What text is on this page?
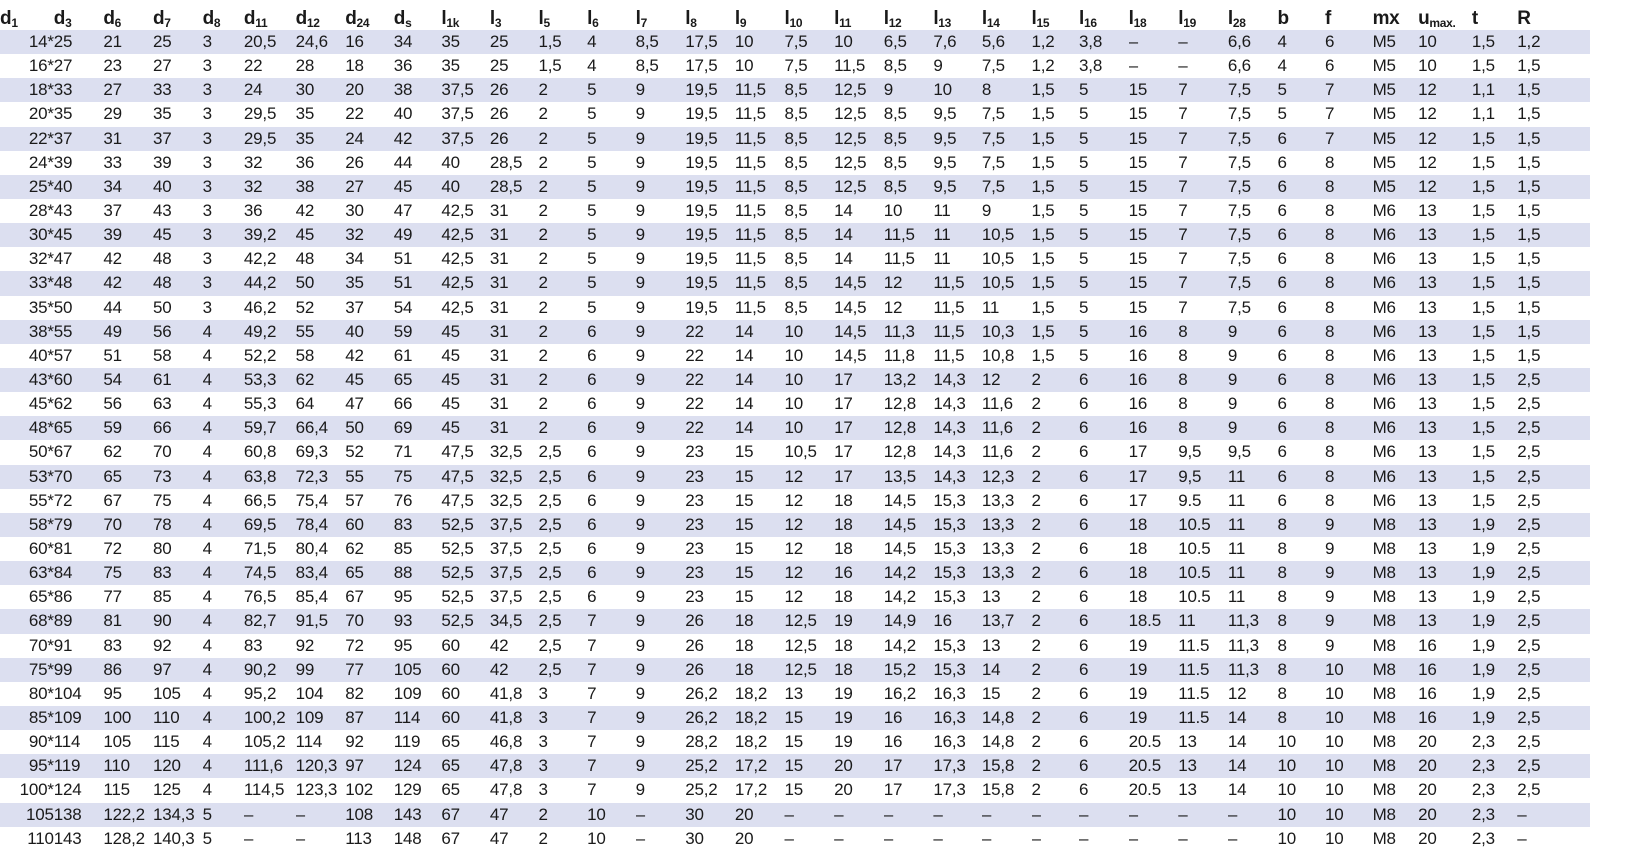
$d_1$	$d_3$	$d_6$	$d_7$	$d_8$	$d_{11}$	$d_{12}$	$d_{24}$	$d_s$	$l_{1k}$	$l_3$	$l_5$	$l_6$	$l_7$	$l_8$	$l_9$	$l_{10}$	$l_{11}$	$l_{12}$	$l_{13}$	$l_{14}$	$l_{15}$	$l_{16}$	$l_{18}$	$l_{19}$	$l_{28}$	b	f	mx	$u_{max.}$	t	R
14*	25	21	25	3	20,5	24,6	16	34	35	25	1,5	4	8,5	17,5	10	7,5	10	6,5	7,6	5,6	1,2	3,8	–	–	6,6	4	6	M5	10	1,5	1,2
16*	27	23	27	3	22	28	18	36	35	25	1,5	4	8,5	17,5	10	7,5	11,5	8,5	9	7,5	1,2	3,8	–	–	6,6	4	6	M5	10	1,5	1,5
18*	33	27	33	3	24	30	20	38	37,5	26	2	5	9	19,5	11,5	8,5	12,5	9	10	8	1,5	5	15	7	7,5	5	7	M5	12	1,1	1,5
20*	35	29	35	3	29,5	35	22	40	37,5	26	2	5	9	19,5	11,5	8,5	12,5	8,5	9,5	7,5	1,5	5	15	7	7,5	5	7	M5	12	1,1	1,5
22*	37	31	37	3	29,5	35	24	42	37,5	26	2	5	9	19,5	11,5	8,5	12,5	8,5	9,5	7,5	1,5	5	15	7	7,5	6	7	M5	12	1,5	1,5
24*	39	33	39	3	32	36	26	44	40	28,5	2	5	9	19,5	11,5	8,5	12,5	8,5	9,5	7,5	1,5	5	15	7	7,5	6	8	M5	12	1,5	1,5
25*	40	34	40	3	32	38	27	45	40	28,5	2	5	9	19,5	11,5	8,5	12,5	8,5	9,5	7,5	1,5	5	15	7	7,5	6	8	M5	12	1,5	1,5
28*	43	37	43	3	36	42	30	47	42,5	31	2	5	9	19,5	11,5	8,5	14	10	11	9	1,5	5	15	7	7,5	6	8	M6	13	1,5	1,5
30*	45	39	45	3	39,2	45	32	49	42,5	31	2	5	9	19,5	11,5	8,5	14	11,5	11	10,5	1,5	5	15	7	7,5	6	8	M6	13	1,5	1,5
32*	47	42	48	3	42,2	48	34	51	42,5	31	2	5	9	19,5	11,5	8,5	14	11,5	11	10,5	1,5	5	15	7	7,5	6	8	M6	13	1,5	1,5
33*	48	42	48	3	44,2	50	35	51	42,5	31	2	5	9	19,5	11,5	8,5	14,5	12	11,5	10,5	1,5	5	15	7	7,5	6	8	M6	13	1,5	1,5
35*	50	44	50	3	46,2	52	37	54	42,5	31	2	5	9	19,5	11,5	8,5	14,5	12	11,5	11	1,5	5	15	7	7,5	6	8	M6	13	1,5	1,5
38*	55	49	56	4	49,2	55	40	59	45	31	2	6	9	22	14	10	14,5	11,3	11,5	10,3	1,5	5	16	8	9	6	8	M6	13	1,5	1,5
40*	57	51	58	4	52,2	58	42	61	45	31	2	6	9	22	14	10	14,5	11,8	11,5	10,8	1,5	5	16	8	9	6	8	M6	13	1,5	1,5
43*	60	54	61	4	53,3	62	45	65	45	31	2	6	9	22	14	10	17	13,2	14,3	12	2	6	16	8	9	6	8	M6	13	1,5	2,5
45*	62	56	63	4	55,3	64	47	66	45	31	2	6	9	22	14	10	17	12,8	14,3	11,6	2	6	16	8	9	6	8	M6	13	1,5	2,5
48*	65	59	66	4	59,7	66,4	50	69	45	31	2	6	9	22	14	10	17	12,8	14,3	11,6	2	6	16	8	9	6	8	M6	13	1,5	2,5
50*	67	62	70	4	60,8	69,3	52	71	47,5	32,5	2,5	6	9	23	15	10,5	17	12,8	14,3	11,6	2	6	17	9,5	9,5	6	8	M6	13	1,5	2,5
53*	70	65	73	4	63,8	72,3	55	75	47,5	32,5	2,5	6	9	23	15	12	17	13,5	14,3	12,3	2	6	17	9,5	11	6	8	M6	13	1,5	2,5
55*	72	67	75	4	66,5	75,4	57	76	47,5	32,5	2,5	6	9	23	15	12	18	14,5	15,3	13,3	2	6	17	9.5	11	6	8	M6	13	1,5	2,5
58*	79	70	78	4	69,5	78,4	60	83	52,5	37,5	2,5	6	9	23	15	12	18	14,5	15,3	13,3	2	6	18	10.5	11	8	9	M8	13	1,9	2,5
60*	81	72	80	4	71,5	80,4	62	85	52,5	37,5	2,5	6	9	23	15	12	18	14,5	15,3	13,3	2	6	18	10.5	11	8	9	M8	13	1,9	2,5
63*	84	75	83	4	74,5	83,4	65	88	52,5	37,5	2,5	6	9	23	15	12	16	14,2	15,3	13,3	2	6	18	10.5	11	8	9	M8	13	1,9	2,5
65*	86	77	85	4	76,5	85,4	67	95	52,5	37,5	2,5	6	9	23	15	12	18	14,2	15,3	13	2	6	18	10.5	11	8	9	M8	13	1,9	2,5
68*	89	81	90	4	82,7	91,5	70	93	52,5	34,5	2,5	7	9	26	18	12,5	19	14,9	16	13,7	2	6	18.5	11	11,3	8	9	M8	13	1,9	2,5
70*	91	83	92	4	83	92	72	95	60	42	2,5	7	9	26	18	12,5	18	14,2	15,3	13	2	6	19	11.5	11,3	8	9	M8	16	1,9	2,5
75*	99	86	97	4	90,2	99	77	105	60	42	2,5	7	9	26	18	12,5	18	15,2	15,3	14	2	6	19	11.5	11,3	8	10	M8	16	1,9	2,5
80*	104	95	105	4	95,2	104	82	109	60	41,8	3	7	9	26,2	18,2	13	19	16,2	16,3	15	2	6	19	11.5	12	8	10	M8	16	1,9	2,5
85*	109	100	110	4	100,2	109	87	114	60	41,8	3	7	9	26,2	18,2	15	19	16	16,3	14,8	2	6	19	11.5	14	8	10	M8	16	1,9	2,5
90*	114	105	115	4	105,2	114	92	119	65	46,8	3	7	9	28,2	18,2	15	19	16	16,3	14,8	2	6	20.5	13	14	10	10	M8	20	2,3	2,5
95*	119	110	120	4	111,6	120,3	97	124	65	47,8	3	7	9	25,2	17,2	15	20	17	17,3	15,8	2	6	20.5	13	14	10	10	M8	20	2,3	2,5
100*	124	115	125	4	114,5	123,3	102	129	65	47,8	3	7	9	25,2	17,2	15	20	17	17,3	15,8	2	6	20.5	13	14	10	10	M8	20	2,3	2,5
105	138	122,2	134,3	5	–	–	108	143	67	47	2	10	–	30	20	–	–	–	–	–	–	–	–	–	–	10	10	M8	20	2,3	–
110	143	128,2	140,3	5	–	–	113	148	67	47	2	10	–	30	20	–	–	–	–	–	–	–	–	–	–	10	10	M8	20	2,3	–
